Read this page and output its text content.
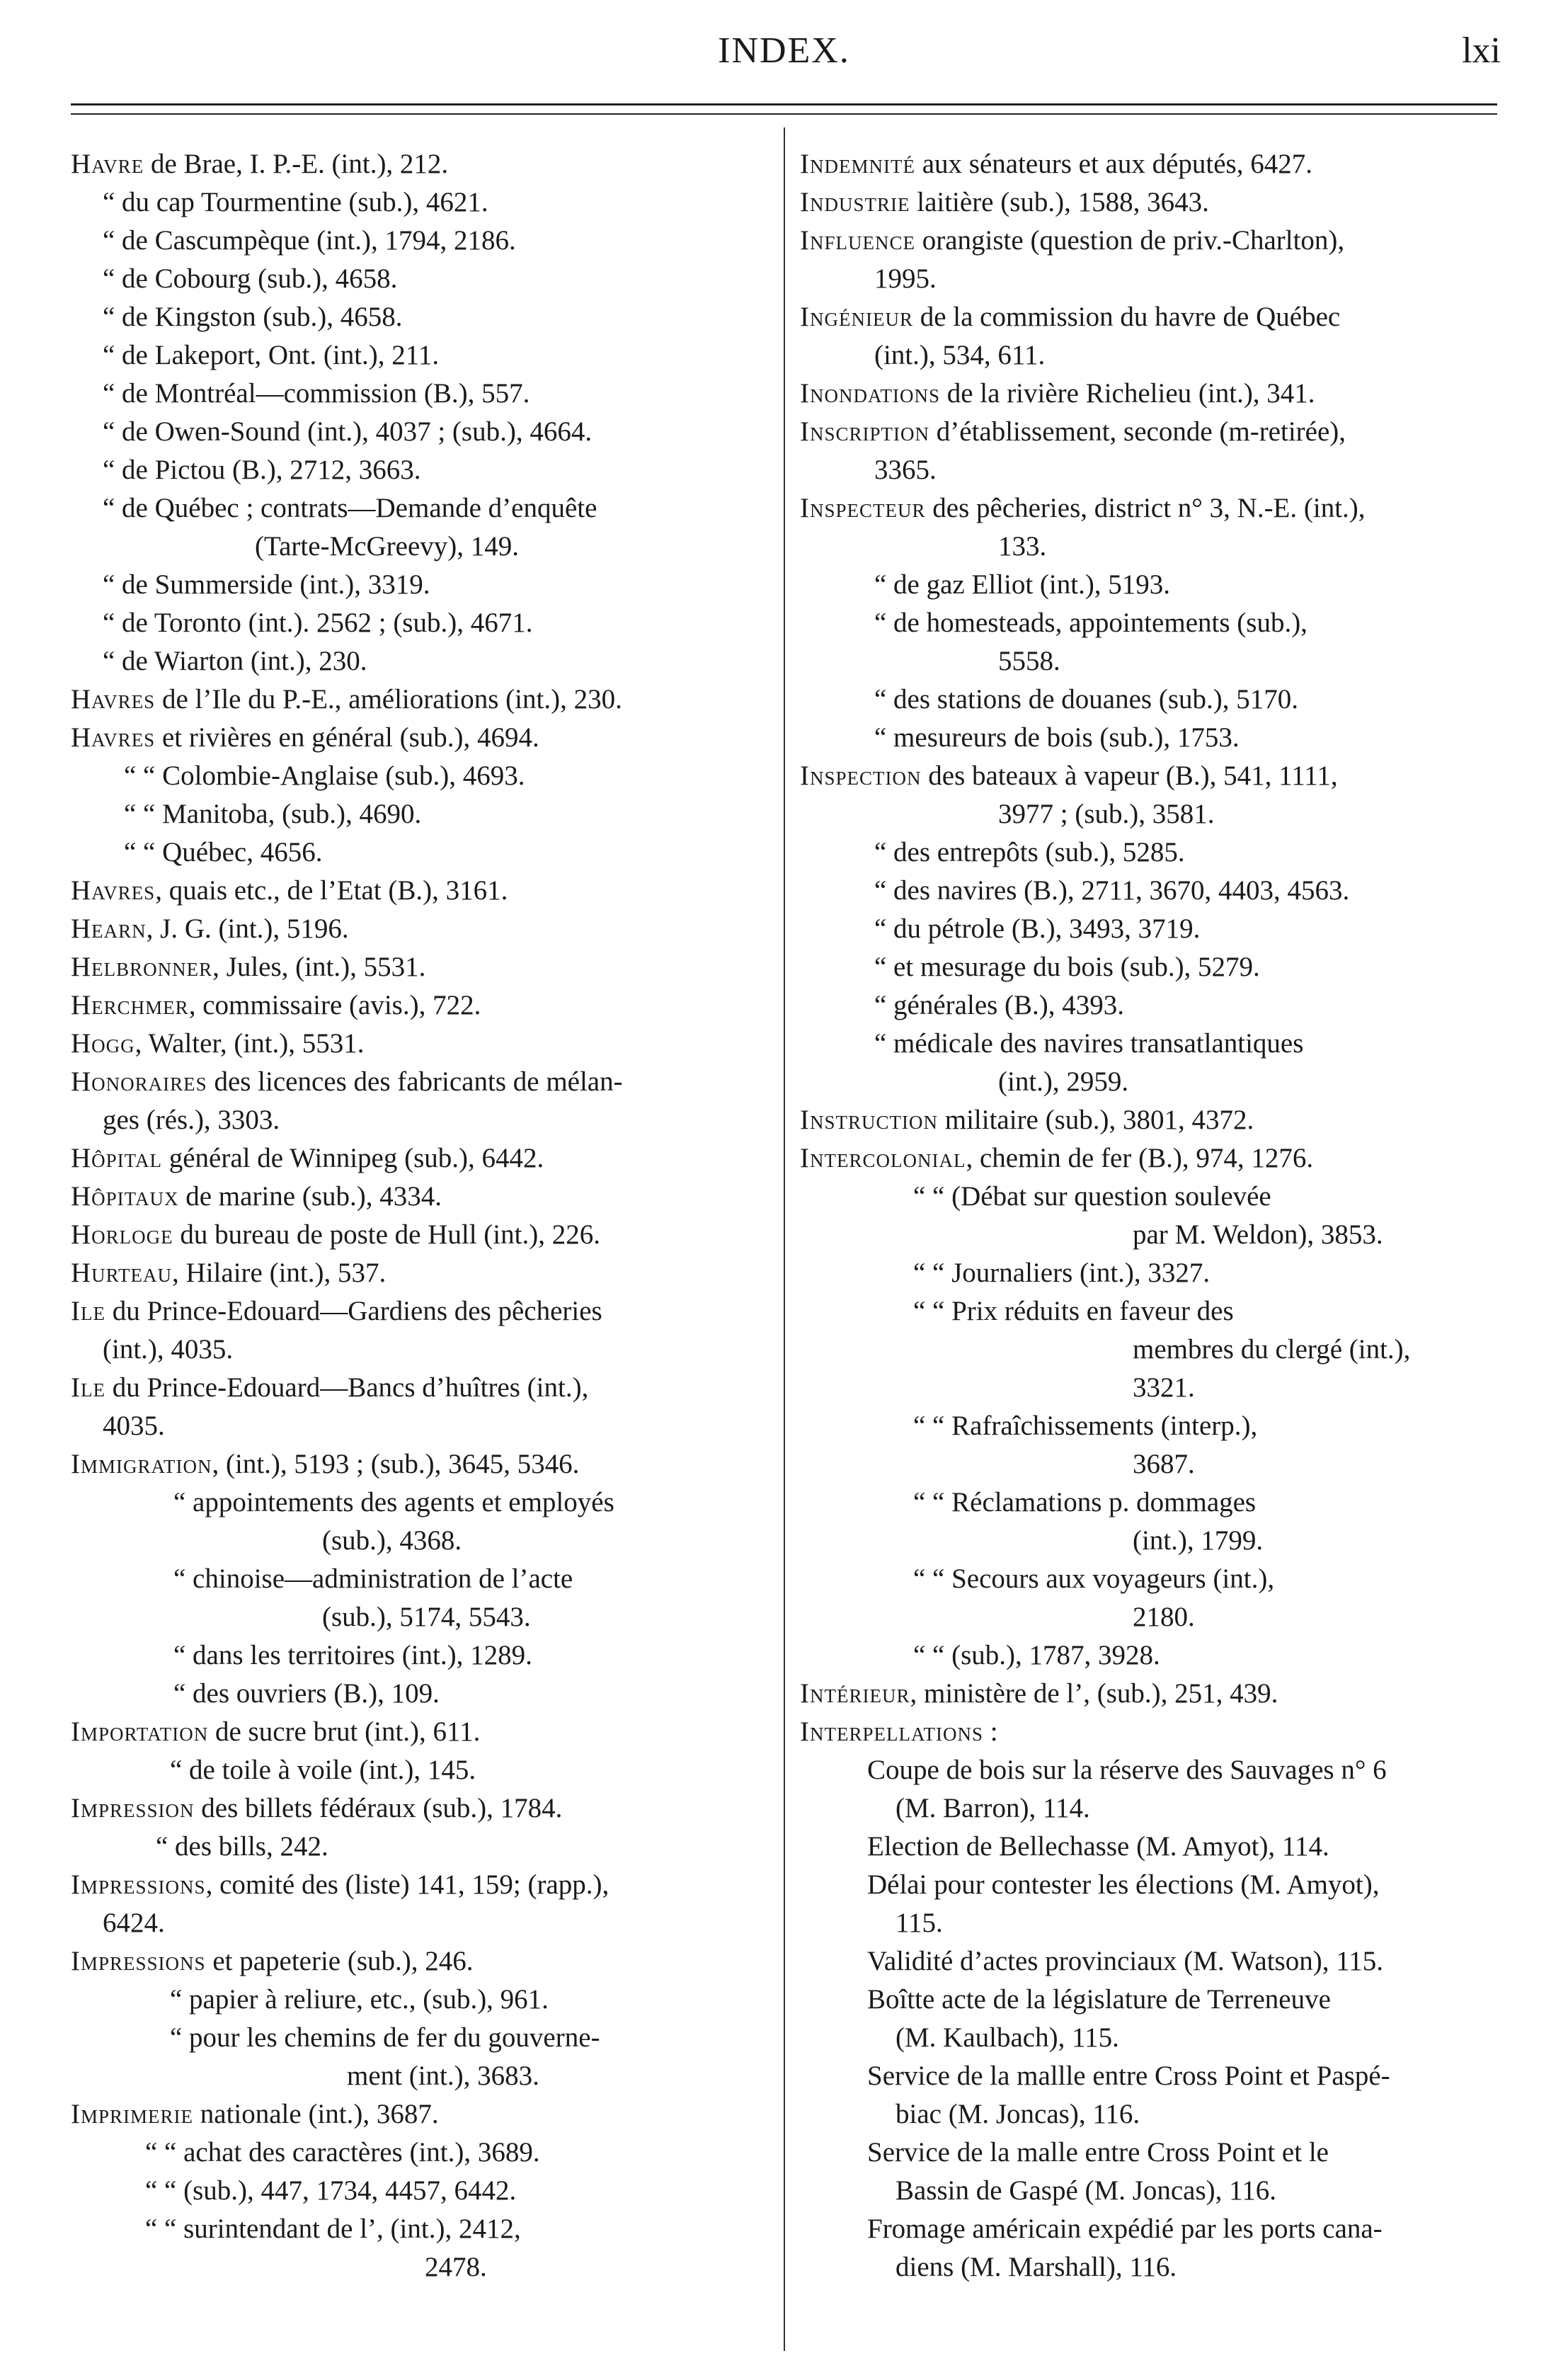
INDEX.	lxi
Havre de Brae, I. P.-E. (int.), 212.
“ du cap Tourmentine (sub.), 4621.
“ de Cascumpèque (int.), 1794, 2186.
“ de Cobourg (sub.), 4658.
“ de Kingston (sub.), 4658.
“ de Lakeport, Ont. (int.), 211.
“ de Montréal—commission (B.), 557.
“ de Owen-Sound (int.), 4037 ; (sub.), 4664.
“ de Pictou (B.), 2712, 3663.
“ de Québec ; contrats—Demande d’enquête
(Tarte-McGreevy), 149.
“ de Summerside (int.), 3319.
“ de Toronto (int.). 2562 ; (sub.), 4671.
“ de Wiarton (int.), 230.
Havres de l’Ile du P.-E., améliorations (int.), 230.
Havres et rivières en général (sub.), 4694.
“ “ Colombie-Anglaise (sub.), 4693.
“ “ Manitoba, (sub.), 4690.
“ “ Québec, 4656.
Havres, quais etc., de l’Etat (B.), 3161.
Hearn, J. G. (int.), 5196.
Helbronner, Jules, (int.), 5531.
Herchmer, commissaire (avis.), 722.
Hogg, Walter, (int.), 5531.
Honoraires des licences des fabricants de mélan-
ges (rés.), 3303.
Hôpital général de Winnipeg (sub.), 6442.
Hôpitaux de marine (sub.), 4334.
Horloge du bureau de poste de Hull (int.), 226.
Hurteau, Hilaire (int.), 537.
Ile du Prince-Edouard—Gardiens des pêcheries
(int.), 4035.
Ile du Prince-Edouard—Bancs d’huîtres (int.),
4035.
Immigration, (int.), 5193 ; (sub.), 3645, 5346.
“ appointements des agents et employés
(sub.), 4368.
“ chinoise—administration de l’acte
(sub.), 5174, 5543.
“ dans les territoires (int.), 1289.
“ des ouvriers (B.), 109.
Importation de sucre brut (int.), 611.
“ de toile à voile (int.), 145.
Impression des billets fédéraux (sub.), 1784.
“ des bills, 242.
Impressions, comité des (liste) 141, 159; (rapp.),
6424.
Impressions et papeterie (sub.), 246.
“ papier à reliure, etc., (sub.), 961.
“ pour les chemins de fer du gouverne-
ment (int.), 3683.
Imprimerie nationale (int.), 3687.
“ “ achat des caractères (int.), 3689.
“ “ (sub.), 447, 1734, 4457, 6442.
“ “ surintendant de l’, (int.), 2412,
2478.
Indemnité aux sénateurs et aux députés, 6427.
Industrie laitière (sub.), 1588, 3643.
Influence orangiste (question de priv.-Charlton),
1995.
Ingénieur de la commission du havre de Québec
(int.), 534, 611.
Inondations de la rivière Richelieu (int.), 341.
Inscription d’établissement, seconde (m-retirée),
3365.
Inspecteur des pêcheries, district n° 3, N.-E. (int.),
133.
“ de gaz Elliot (int.), 5193.
“ de homesteads, appointements (sub.),
5558.
“ des stations de douanes (sub.), 5170.
“ mesureurs de bois (sub.), 1753.
Inspection des bateaux à vapeur (B.), 541, 1111,
3977 ; (sub.), 3581.
“ des entrepôts (sub.), 5285.
“ des navires (B.), 2711, 3670, 4403, 4563.
“ du pétrole (B.), 3493, 3719.
“ et mesurage du bois (sub.), 5279.
“ générales (B.), 4393.
“ médicale des navires transatlantiques
(int.), 2959.
Instruction militaire (sub.), 3801, 4372.
Intercolonial, chemin de fer (B.), 974, 1276.
“ “ (Débat sur question soulevée
par M. Weldon), 3853.
“ “ Journaliers (int.), 3327.
“ “ Prix réduits en faveur des
membres du clergé (int.),
3321.
“ “ Rafraîchissements (interp.),
3687.
“ “ Réclamations p. dommages
(int.), 1799.
“ “ Secours aux voyageurs (int.),
2180.
“ “ (sub.), 1787, 3928.
Intérieur, ministère de l’, (sub.), 251, 439.
Interpellations :
Coupe de bois sur la réserve des Sauvages n° 6
(M. Barron), 114.
Election de Bellechasse (M. Amyot), 114.
Délai pour contester les élections (M. Amyot),
115.
Validité d’actes provinciaux (M. Watson), 115.
Boîtte acte de la législature de Terreneuve
(M. Kaulbach), 115.
Service de la mallle entre Cross Point et Paspé-
biac (M. Joncas), 116.
Service de la malle entre Cross Point et le
Bassin de Gaspé (M. Joncas), 116.
Fromage américain expédié par les ports cana-
diens (M. Marshall), 116.
